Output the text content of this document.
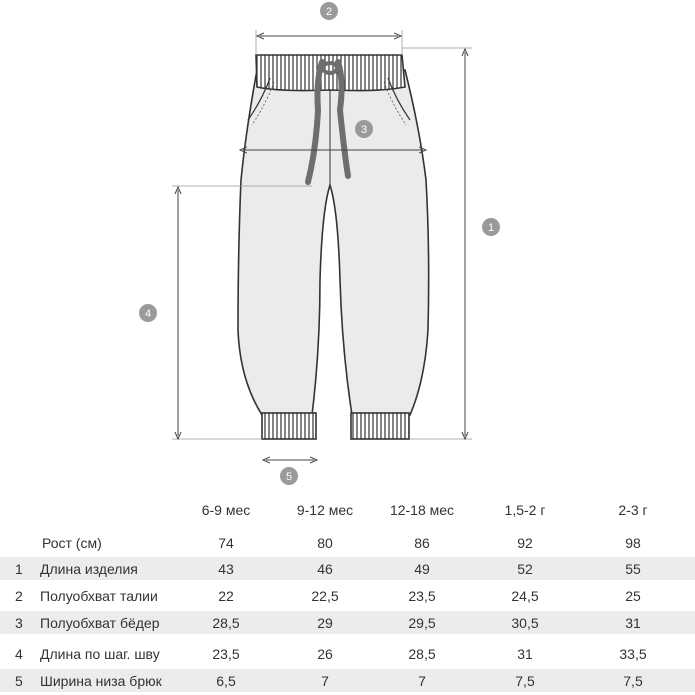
2
3
1
4
5
6-9 мес	9-12 мес	12-18 мес	1,5-2 г	2-3 г
Рост (см)	74	80	86	92	98
1 Длина изделия	43	46	49	52	55
2 Полуобхват талии	22	22,5	23,5	24,5	25
3 Полуобхват бёдер	28,5	29	29,5	30,5	31
4 Длина по шаг. шву	23,5	26	28,5	31	33,5
5 Ширина низа брюк	6,5	7	7	7,5	7,5
